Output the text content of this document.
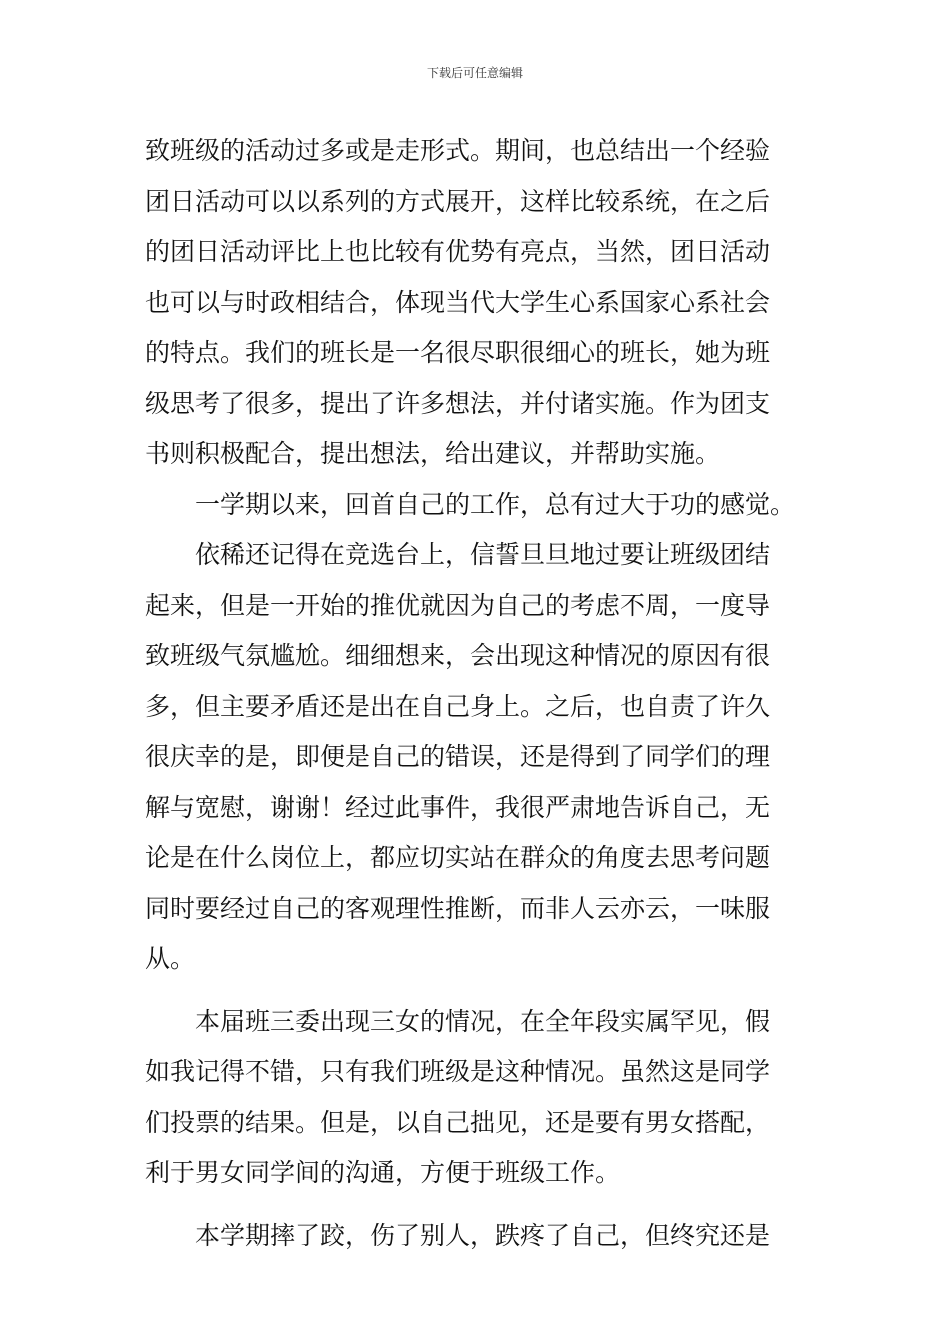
下载后可任意编辑
致班级的活动过多或是走形式。期间，也总结出一个经验
团日活动可以以系列的方式展开，这样比较系统，在之后
的团日活动评比上也比较有优势有亮点，当然，团日活动
也可以与时政相结合，体现当代大学生心系国家心系社会
的特点。我们的班长是一名很尽职很细心的班长，她为班
级思考了很多，提出了许多想法，并付诸实施。作为团支
书则积极配合，提出想法，给出建议，并帮助实施。
一学期以来，回首自己的工作，总有过大于功的感觉。
依稀还记得在竞选台上，信誓旦旦地过要让班级团结
起来，但是一开始的推优就因为自己的考虑不周，一度导
致班级气氛尴尬。细细想来，会出现这种情况的原因有很
多，但主要矛盾还是出在自己身上。之后，也自责了许久
很庆幸的是，即便是自己的错误，还是得到了同学们的理
解与宽慰，谢谢！经过此事件，我很严肃地告诉自己，无
论是在什么岗位上，都应切实站在群众的角度去思考问题
同时要经过自己的客观理性推断，而非人云亦云，一味服
从。
本届班三委出现三女的情况，在全年段实属罕见，假
如我记得不错，只有我们班级是这种情况。虽然这是同学
们投票的结果。但是，以自己拙见，还是要有男女搭配，
利于男女同学间的沟通，方便于班级工作。
本学期摔了跤，伤了别人，跌疼了自己，但终究还是
